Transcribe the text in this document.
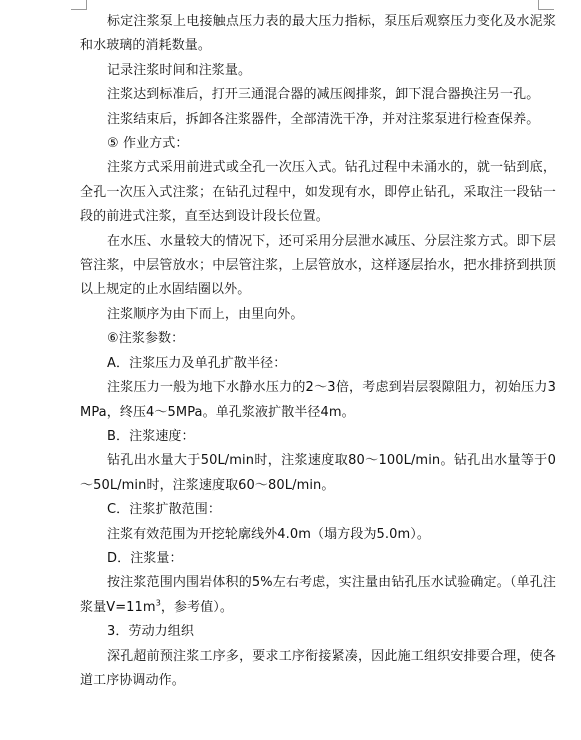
标定注浆泵上电接触点压力表的最大压力指标，泵压后观察压力变化及水泥浆和水玻璃的消耗数量。

记录注浆时间和注浆量。

注浆达到标准后，打开三通混合器的减压阀排浆，卸下混合器换注另一孔。

注浆结束后，拆卸各注浆器件，全部清洗干净，并对注浆泵进行检查保养。

⑤ 作业方式：

注浆方式采用前进式或全孔一次压入式。钻孔过程中未涌水的，就一钻到底，全孔一次压入式注浆；在钻孔过程中，如发现有水，即停止钻孔，采取注一段钻一段的前进式注浆，直至达到设计段长位置。

在水压、水量较大的情况下，还可采用分层泄水减压、分层注浆方式。即下层管注浆，中层管放水；中层管注浆，上层管放水，这样逐层抬水，把水排挤到拱顶以上规定的止水固结圈以外。

注浆顺序为由下而上，由里向外。

⑥注浆参数：

A．注浆压力及单孔扩散半径：

注浆压力一般为地下水静水压力的2～3倍，考虑到岩层裂隙阻力，初始压力3MPa，终压4～5MPa。单孔浆液扩散半径4m。

B．注浆速度：

钻孔出水量大于50L/min时，注浆速度取80～100L/min。钻孔出水量等于0～50L/min时，注浆速度取60～80L/min。

C．注浆扩散范围：

注浆有效范围为开挖轮廓线外4.0m（塌方段为5.0m）。

D．注浆量：

按注浆范围内围岩体积的5%左右考虑，实注量由钻孔压水试验确定。（单孔注浆量$V=11m^3$，参考值）。

3．劳动力组织

深孔超前预注浆工序多，要求工序衔接紧凑，因此施工组织安排要合理，使各道工序协调动作。
